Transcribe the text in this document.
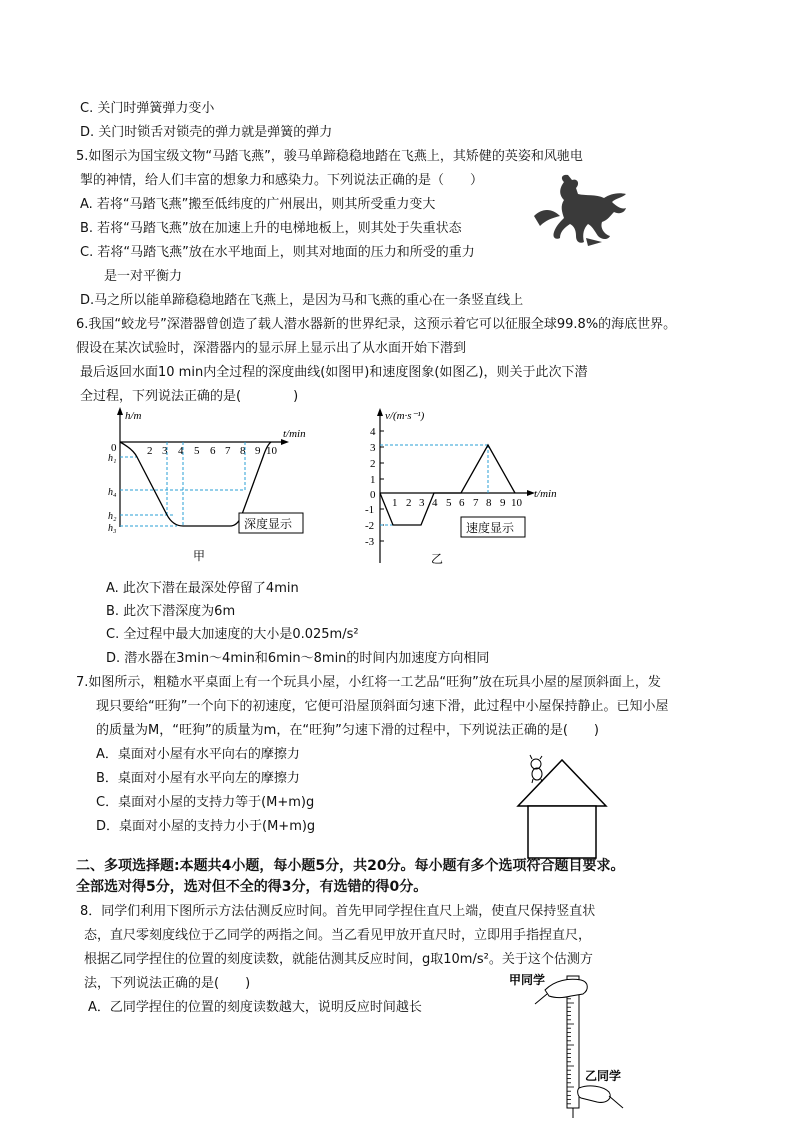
C. 关门时弹簧弹力变小
D. 关门时锁舌对锁壳的弹力就是弹簧的弹力
5.如图示为国宝级文物“马踏飞燕”，骏马单蹄稳稳地踏在飞燕上，其矫健的英姿和风驰电
掣的神情，给人们丰富的想象力和感染力。下列说法正确的是（　　）
A. 若将“马踏飞燕”搬至低纬度的广州展出，则其所受重力变大
B. 若将“马踏飞燕”放在加速上升的电梯地板上，则其处于失重状态
C. 若将“马踏飞燕”放在水平地面上，则其对地面的压力和所受的重力
是一对平衡力
D.马之所以能单蹄稳稳地踏在飞燕上，是因为马和飞燕的重心在一条竖直线上
6.我国“蛟龙号”深潜器曾创造了载人潜水器新的世界纪录，这预示着它可以征服全球99.8%的海底世界。
假设在某次试验时，深潜器内的显示屏上显示出了从水面开始下潜到
最后返回水面10 min内全过程的深度曲线(如图甲)和速度图象(如图乙)，则关于此次下潜
全过程，下列说法正确的是(　　　　)
h/m
t/min
0	2 3 4 5 6 7 8 9 10
h₁
h₄
h₂
h₃	深度显示
甲
v/(m·s⁻¹)
t/min
4
3
2
1
0
-1
-2
-3
1 2 3 4 5 6 7 8 9 10
速度显示
乙
A. 此次下潜在最深处停留了4min
B. 此次下潜深度为6m
C. 全过程中最大加速度的大小是0.025m/s²
D. 潜水器在3min～4min和6min～8min的时间内加速度方向相同
7.如图所示，粗糙水平桌面上有一个玩具小屋，小红将一工艺品“旺狗”放在玩具小屋的屋顶斜面上，发
现只要给“旺狗”一个向下的初速度，它便可沿屋顶斜面匀速下滑，此过程中小屋保持静止。已知小屋
的质量为M，“旺狗”的质量为m，在“旺狗”匀速下滑的过程中，下列说法正确的是(　　)
A．桌面对小屋有水平向右的摩擦力
B．桌面对小屋有水平向左的摩擦力
C．桌面对小屋的支持力等于(M+m)g
D．桌面对小屋的支持力小于(M+m)g
二、多项选择题:本题共4小题，每小题5分，共20分。每小题有多个选项符合题目要求。
全部选对得5分，选对但不全的得3分，有选错的得0分。
8．同学们利用下图所示方法估测反应时间。首先甲同学捏住直尺上端，使直尺保持竖直状
态，直尺零刻度线位于乙同学的两指之间。当乙看见甲放开直尺时，立即用手指捏直尺，
根据乙同学捏住的位置的刻度读数，就能估测其反应时间，g取10m/s²。关于这个估测方
法，下列说法正确的是(　　)
A．乙同学捏住的位置的刻度读数越大，说明反应时间越长
甲同学
乙同学
